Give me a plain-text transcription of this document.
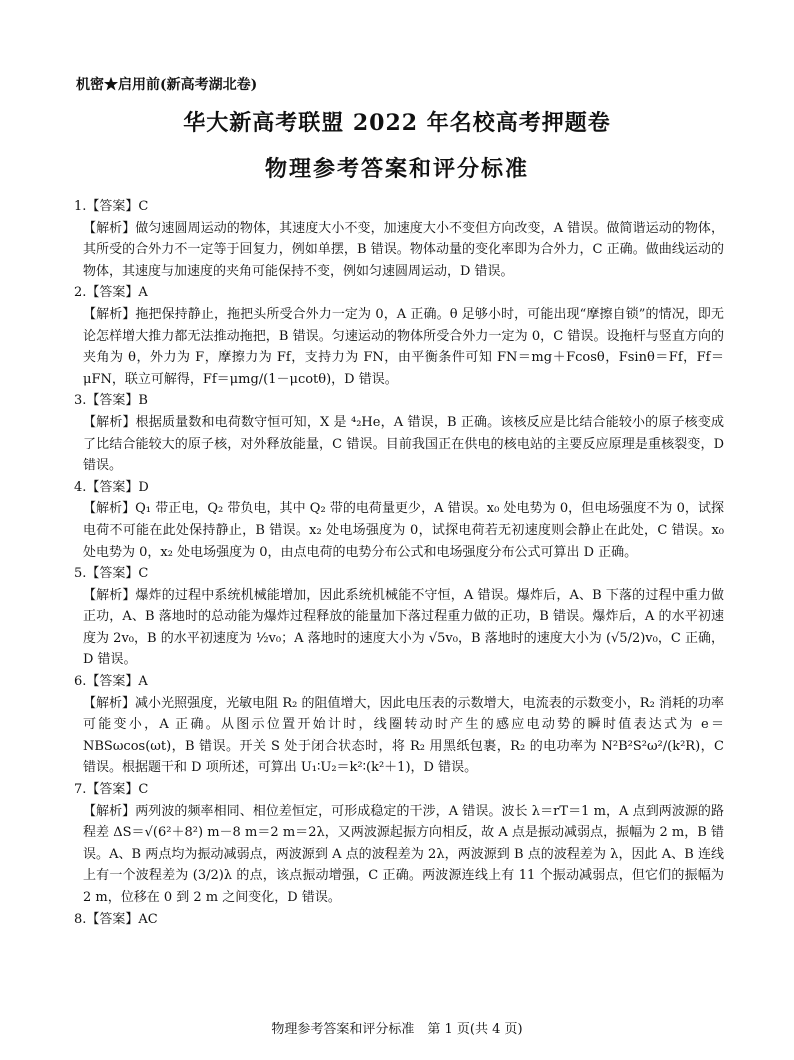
机密★启用前(新高考湖北卷)
华大新高考联盟 2022 年名校高考押题卷
物理参考答案和评分标准

1.【答案】C

【解析】做匀速圆周运动的物体，其速度大小不变，加速度大小不变但方向改变，A 错误。做简谐运动的物体，其所受的合外力不一定等于回复力，例如单摆，B 错误。物体动量的变化率即为合外力，C 正确。做曲线运动的物体，其速度与加速度的夹角可能保持不变，例如匀速圆周运动，D 错误。

2.【答案】A

【解析】拖把保持静止，拖把头所受合外力一定为 0，A 正确。θ 足够小时，可能出现“摩擦自锁”的情况，即无论怎样增大推力都无法推动拖把，B 错误。匀速运动的物体所受合外力一定为 0，C 错误。设拖杆与竖直方向的夹角为 θ，外力为 F，摩擦力为 Ff，支持力为 FN，由平衡条件可知 FN＝mg＋Fcosθ，Fsinθ＝Ff，Ff＝μFN，联立可解得，Ff＝μmg/(1－μcotθ)，D 错误。

3.【答案】B

【解析】根据质量数和电荷数守恒可知，X 是 ⁴₂He，A 错误，B 正确。该核反应是比结合能较小的原子核变成了比结合能较大的原子核，对外释放能量，C 错误。目前我国正在供电的核电站的主要反应原理是重核裂变，D 错误。

4.【答案】D

【解析】Q₁ 带正电，Q₂ 带负电，其中 Q₂ 带的电荷量更少，A 错误。x₀ 处电势为 0，但电场强度不为 0，试探电荷不可能在此处保持静止，B 错误。x₂ 处电场强度为 0，试探电荷若无初速度则会静止在此处，C 错误。x₀ 处电势为 0，x₂ 处电场强度为 0，由点电荷的电势分布公式和电场强度分布公式可算出 D 正确。

5.【答案】C

【解析】爆炸的过程中系统机械能增加，因此系统机械能不守恒，A 错误。爆炸后，A、B 下落的过程中重力做正功，A、B 落地时的总动能为爆炸过程释放的能量加下落过程重力做的正功，B 错误。爆炸后，A 的水平初速度为 2v₀，B 的水平初速度为 ½v₀；A 落地时的速度大小为 √5v₀，B 落地时的速度大小为 (√5/2)v₀，C 正确，D 错误。

6.【答案】A

【解析】减小光照强度，光敏电阻 R₂ 的阻值增大，因此电压表的示数增大，电流表的示数变小，R₂ 消耗的功率可能变小，A 正确。从图示位置开始计时，线圈转动时产生的感应电动势的瞬时值表达式为 e＝NBSωcos(ωt)，B 错误。开关 S 处于闭合状态时，将 R₂ 用黑纸包裹，R₂ 的电功率为 N²B²S²ω²/(k²R)，C 错误。根据题干和 D 项所述，可算出 U₁∶U₂＝k²∶(k²＋1)，D 错误。

7.【答案】C

【解析】两列波的频率相同、相位差恒定，可形成稳定的干涉，A 错误。波长 λ＝rT＝1 m，A 点到两波源的路程差 ΔS＝√(6²＋8²) m－8 m＝2 m＝2λ，又两波源起振方向相反，故 A 点是振动减弱点，振幅为 2 m，B 错误。A、B 两点均为振动减弱点，两波源到 A 点的波程差为 2λ，两波源到 B 点的波程差为 λ，因此 A、B 连线上有一个波程差为 (3/2)λ 的点，该点振动增强，C 正确。两波源连线上有 11 个振动减弱点，但它们的振幅为 2 m，位移在 0 到 2 m 之间变化，D 错误。

8.【答案】AC

物理参考答案和评分标准　第 1 页(共 4 页)
